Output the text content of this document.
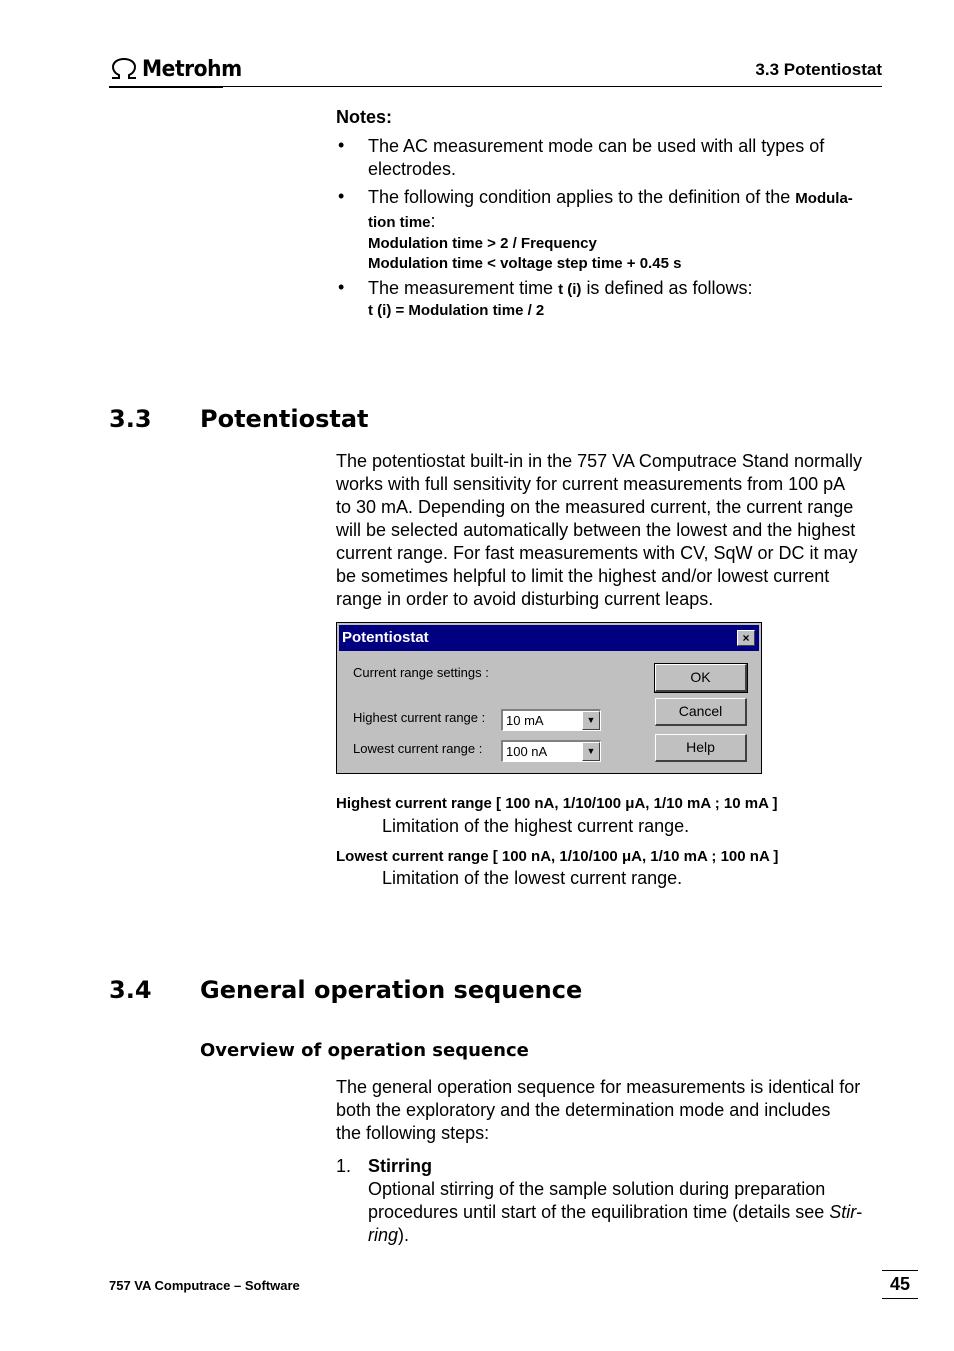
Metrohm	3.3 Potentiostat
Notes:
• The AC measurement mode can be used with all types of
electrodes.
• The following condition applies to the definition of the Modula-
tion time:
Modulation time > 2 / Frequency
Modulation time < voltage step time + 0.45 s
• The measurement time t (i) is defined as follows:
t (i) = Modulation time / 2
3.3 Potentiostat
The potentiostat built-in in the 757 VA Computrace Stand normally
works with full sensitivity for current measurements from 100 pA
to 30 mA. Depending on the measured current, the current range
will be selected automatically between the lowest and the highest
current range. For fast measurements with CV, SqW or DC it may
be sometimes helpful to limit the highest and/or lowest current
range in order to avoid disturbing current leaps.
Potentiostat	×
Current range settings :
Highest current range : 10 mA	▼
Lowest current range : 100 nA	▼
OK
Cancel
Help
Highest current range [ 100 nA, 1/10/100 μA, 1/10 mA ; 10 mA ]
Limitation of the highest current range.
Lowest current range [ 100 nA, 1/10/100 μA, 1/10 mA ; 100 nA ]
Limitation of the lowest current range.
3.4 General operation sequence
Overview of operation sequence
The general operation sequence for measurements is identical for
both the exploratory and the determination mode and includes
the following steps:
1. Stirring
Optional stirring of the sample solution during preparation
procedures until start of the equilibration time (details see Stir-
ring).
757 VA Computrace – Software	45
